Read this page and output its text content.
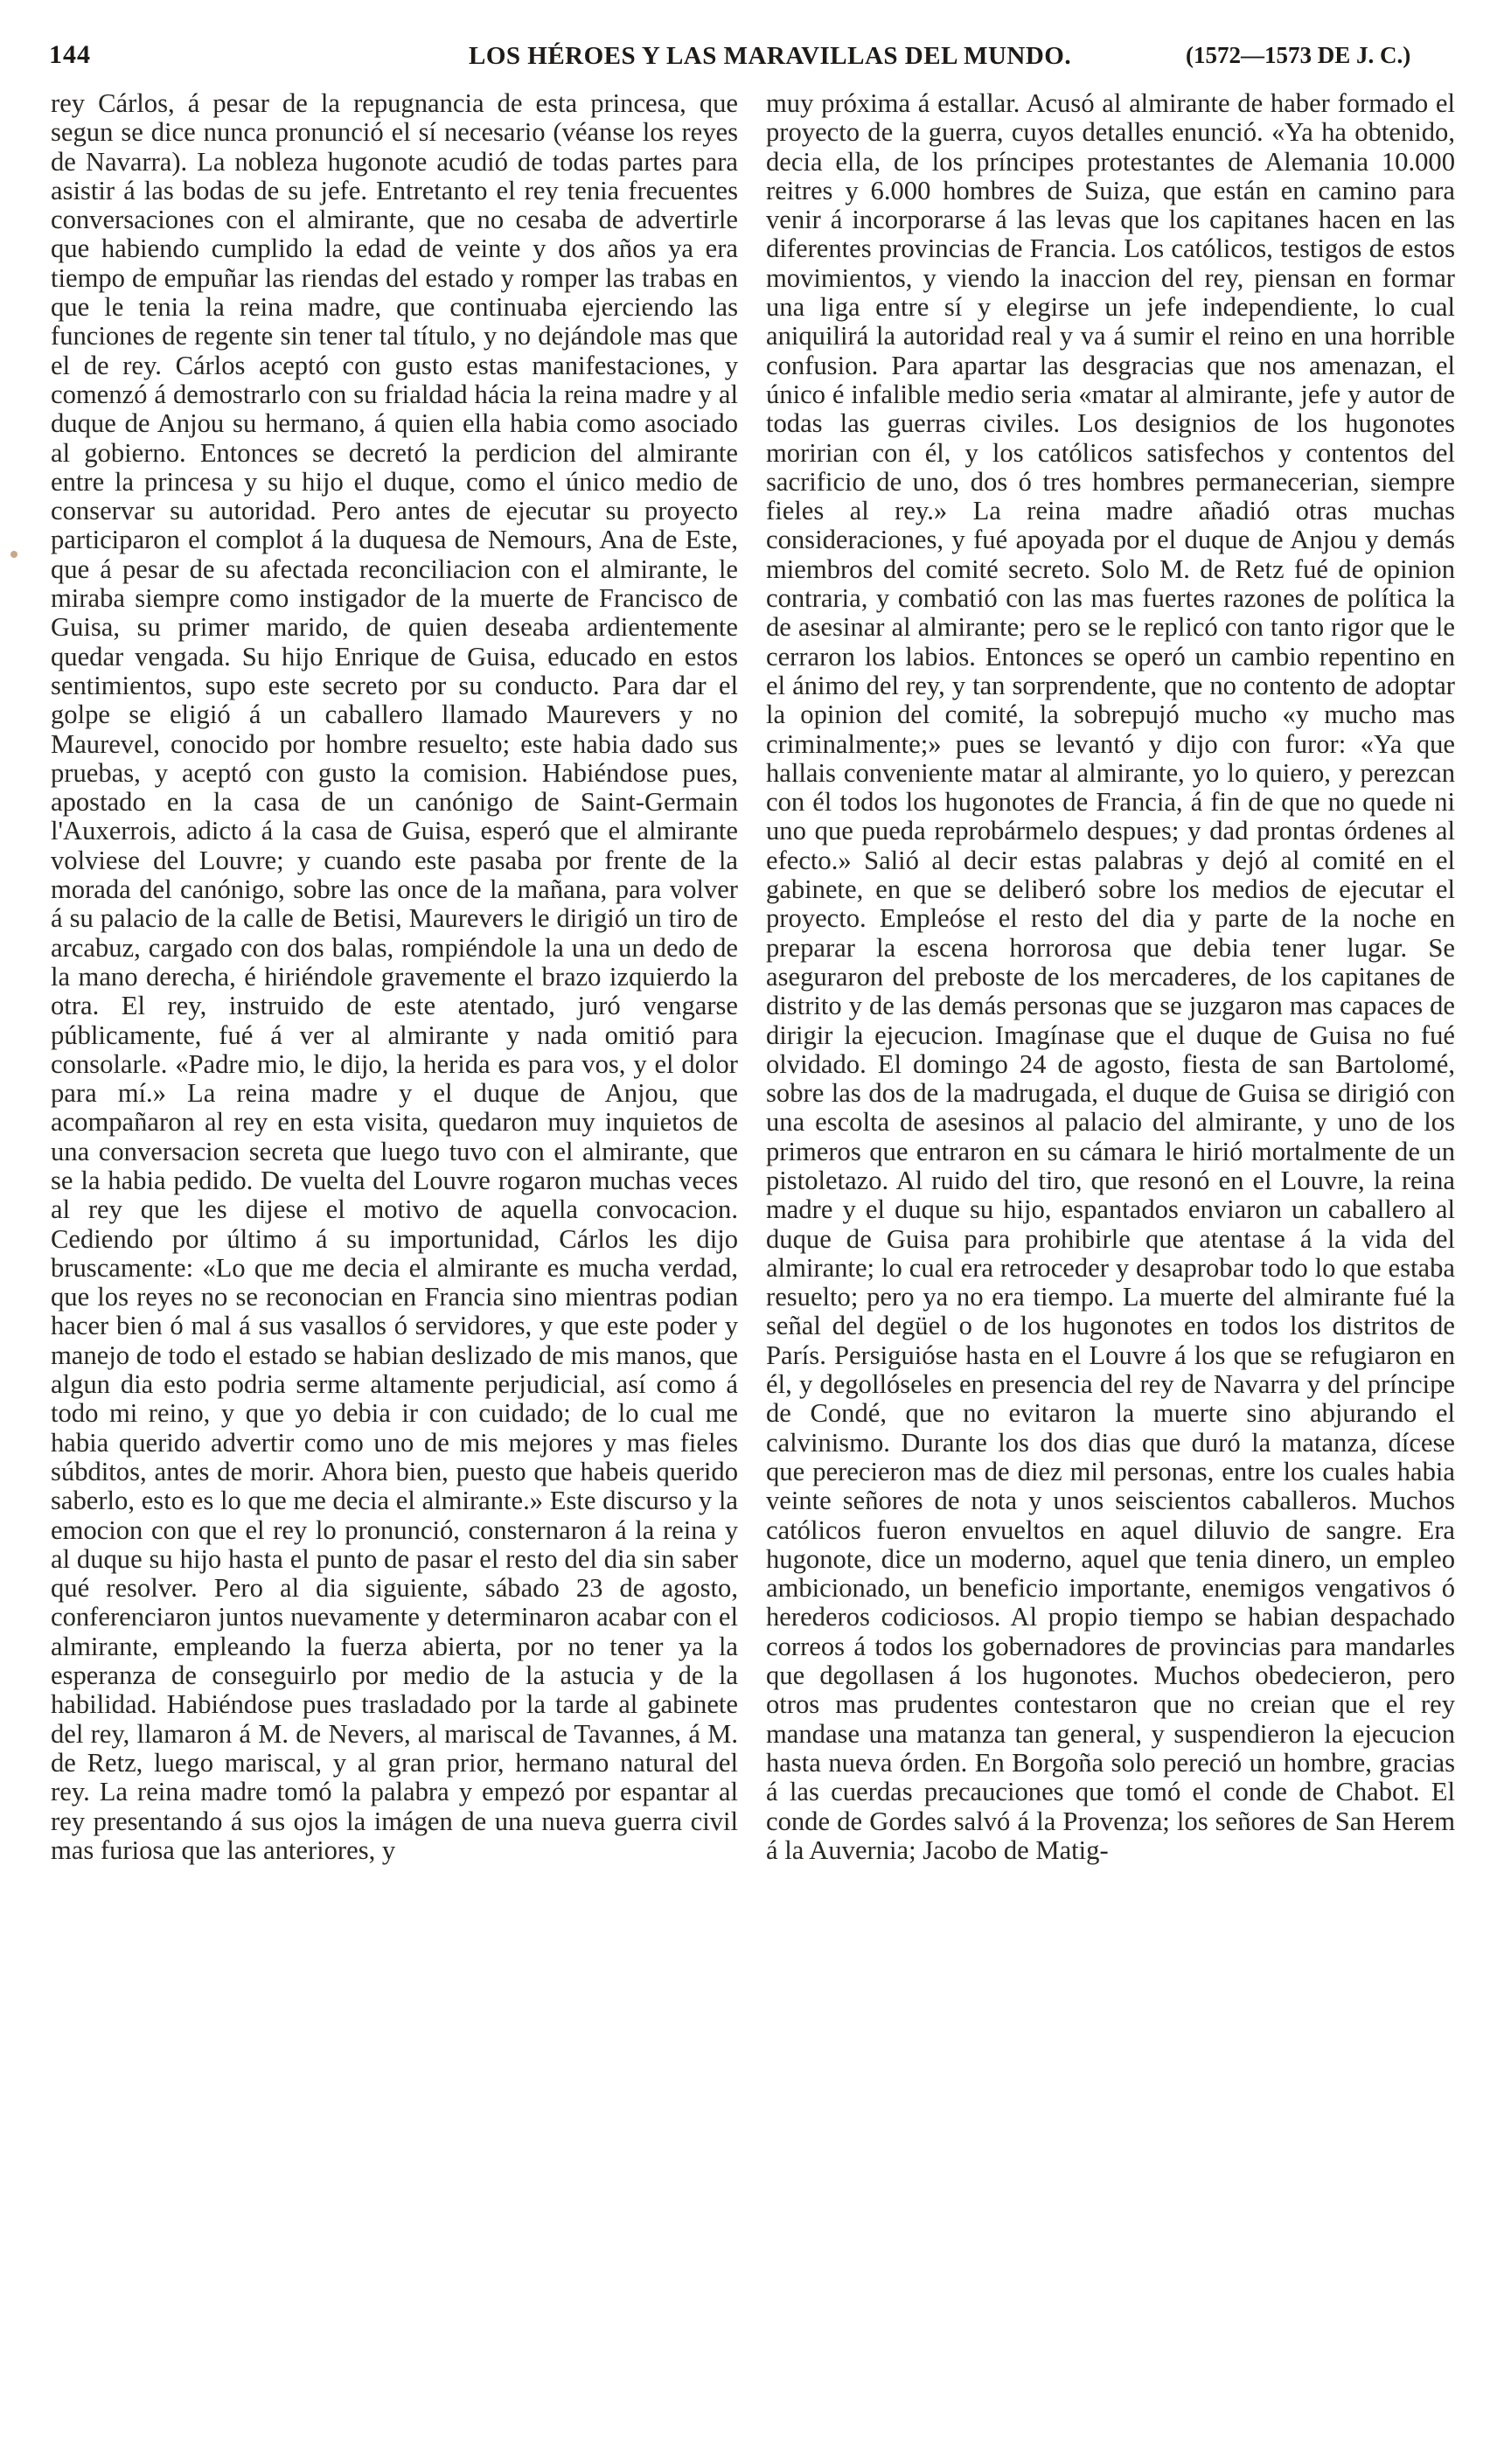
144	LOS HÉROES Y LAS MARAVILLAS DEL MUNDO.	(1572—1573 DE J. C.)

rey Cárlos, á pesar de la repugnancia de esta princesa, que segun se dice nunca pronunció el sí necesario (véanse los reyes de Navarra). La nobleza hugonote acudió de todas partes para asistir á las bodas de su jefe. Entretanto el rey tenia frecuentes conversaciones con el almirante, que no cesaba de advertirle que habiendo cumplido la edad de veinte y dos años ya era tiempo de empuñar las riendas del estado y romper las trabas en que le tenia la reina madre, que continuaba ejerciendo las funciones de regente sin tener tal título, y no dejándole mas que el de rey. Cárlos aceptó con gusto estas manifestaciones, y comenzó á demostrarlo con su frialdad hácia la reina madre y al duque de Anjou su hermano, á quien ella habia como asociado al gobierno. Entonces se decretó la perdicion del almirante entre la princesa y su hijo el duque, como el único medio de conservar su autoridad. Pero antes de ejecutar su proyecto participaron el complot á la duquesa de Nemours, Ana de Este, que á pesar de su afectada reconciliacion con el almirante, le miraba siempre como instigador de la muerte de Francisco de Guisa, su primer marido, de quien deseaba ardientemente quedar vengada. Su hijo Enrique de Guisa, educado en estos sentimientos, supo este secreto por su conducto. Para dar el golpe se eligió á un caballero llamado Maurevers y no Maurevel, conocido por hombre resuelto; este habia dado sus pruebas, y aceptó con gusto la comision. Habiéndose pues, apostado en la casa de un canónigo de Saint-Germain l'Auxerrois, adicto á la casa de Guisa, esperó que el almirante volviese del Louvre; y cuando este pasaba por frente de la morada del canónigo, sobre las once de la mañana, para volver á su palacio de la calle de Betisi, Maurevers le dirigió un tiro de arcabuz, cargado con dos balas, rompiéndole la una un dedo de la mano derecha, é hiriéndole gravemente el brazo izquierdo la otra. El rey, instruido de este atentado, juró vengarse públicamente, fué á ver al almirante y nada omitió para consolarle. «Padre mio, le dijo, la herida es para vos, y el dolor para mí.» La reina madre y el duque de Anjou, que acompañaron al rey en esta visita, quedaron muy inquietos de una conversacion secreta que luego tuvo con el almirante, que se la habia pedido. De vuelta del Louvre rogaron muchas veces al rey que les dijese el motivo de aquella convocacion. Cediendo por último á su importunidad, Cárlos les dijo bruscamente: «Lo que me decia el almirante es mucha verdad, que los reyes no se reconocian en Francia sino mientras podian hacer bien ó mal á sus vasallos ó servidores, y que este poder y manejo de todo el estado se habian deslizado de mis manos, que algun dia esto podria serme altamente perjudicial, así como á todo mi reino, y que yo debia ir con cuidado; de lo cual me habia querido advertir como uno de mis mejores y mas fieles súbditos, antes de morir. Ahora bien, puesto que habeis querido saberlo, esto es lo que me decia el almirante.» Este discurso y la emocion con que el rey lo pronunció, consternaron á la reina y al duque su hijo hasta el punto de pasar el resto del dia sin saber qué resolver. Pero al dia siguiente, sábado 23 de agosto, conferenciaron juntos nuevamente y determinaron acabar con el almirante, empleando la fuerza abierta, por no tener ya la esperanza de conseguirlo por medio de la astucia y de la habilidad. Habiéndose pues trasladado por la tarde al gabinete del rey, llamaron á M. de Nevers, al mariscal de Tavannes, á M. de Retz, luego mariscal, y al gran prior, hermano natural del rey. La reina madre tomó la palabra y empezó por espantar al rey presentando á sus ojos la imágen de una nueva guerra civil mas furiosa que las anteriores, y

muy próxima á estallar. Acusó al almirante de haber formado el proyecto de la guerra, cuyos detalles enunció. «Ya ha obtenido, decia ella, de los príncipes protestantes de Alemania 10.000 reitres y 6.000 hombres de Suiza, que están en camino para venir á incorporarse á las levas que los capitanes hacen en las diferentes provincias de Francia. Los católicos, testigos de estos movimientos, y viendo la inaccion del rey, piensan en formar una liga entre sí y elegirse un jefe independiente, lo cual aniquilirá la autoridad real y va á sumir el reino en una horrible confusion. Para apartar las desgracias que nos amenazan, el único é infalible medio seria «matar al almirante, jefe y autor de todas las guerras civiles. Los designios de los hugonotes moririan con él, y los católicos satisfechos y contentos del sacrificio de uno, dos ó tres hombres permanecerian, siempre fieles al rey.» La reina madre añadió otras muchas consideraciones, y fué apoyada por el duque de Anjou y demás miembros del comité secreto. Solo M. de Retz fué de opinion contraria, y combatió con las mas fuertes razones de política la de asesinar al almirante; pero se le replicó con tanto rigor que le cerraron los labios. Entonces se operó un cambio repentino en el ánimo del rey, y tan sorprendente, que no contento de adoptar la opinion del comité, la sobrepujó mucho «y mucho mas criminalmente;» pues se levantó y dijo con furor: «Ya que hallais conveniente matar al almirante, yo lo quiero, y perezcan con él todos los hugonotes de Francia, á fin de que no quede ni uno que pueda reprobármelo despues; y dad prontas órdenes al efecto.» Salió al decir estas palabras y dejó al comité en el gabinete, en que se deliberó sobre los medios de ejecutar el proyecto. Empleóse el resto del dia y parte de la noche en preparar la escena horrorosa que debia tener lugar. Se aseguraron del preboste de los mercaderes, de los capitanes de distrito y de las demás personas que se juzgaron mas capaces de dirigir la ejecucion. Imagínase que el duque de Guisa no fué olvidado. El domingo 24 de agosto, fiesta de san Bartolomé, sobre las dos de la madrugada, el duque de Guisa se dirigió con una escolta de asesinos al palacio del almirante, y uno de los primeros que entraron en su cámara le hirió mortalmente de un pistoletazo. Al ruido del tiro, que resonó en el Louvre, la reina madre y el duque su hijo, espantados enviaron un caballero al duque de Guisa para prohibirle que atentase á la vida del almirante; lo cual era retroceder y desaprobar todo lo que estaba resuelto; pero ya no era tiempo. La muerte del almirante fué la señal del degüel o de los hugonotes en todos los distritos de París. Persiguióse hasta en el Louvre á los que se refugiaron en él, y degollóseles en presencia del rey de Navarra y del príncipe de Condé, que no evitaron la muerte sino abjurando el calvinismo. Durante los dos dias que duró la matanza, dícese que perecieron mas de diez mil personas, entre los cuales habia veinte señores de nota y unos seiscientos caballeros. Muchos católicos fueron envueltos en aquel diluvio de sangre. Era hugonote, dice un moderno, aquel que tenia dinero, un empleo ambicionado, un beneficio importante, enemigos vengativos ó herederos codiciosos. Al propio tiempo se habian despachado correos á todos los gobernadores de provincias para mandarles que degollasen á los hugonotes. Muchos obedecieron, pero otros mas prudentes contestaron que no creian que el rey mandase una matanza tan general, y suspendieron la ejecucion hasta nueva órden. En Borgoña solo pereció un hombre, gracias á las cuerdas precauciones que tomó el conde de Chabot. El conde de Gordes salvó á la Provenza; los señores de San Herem á la Auvernia; Jacobo de Matig-
